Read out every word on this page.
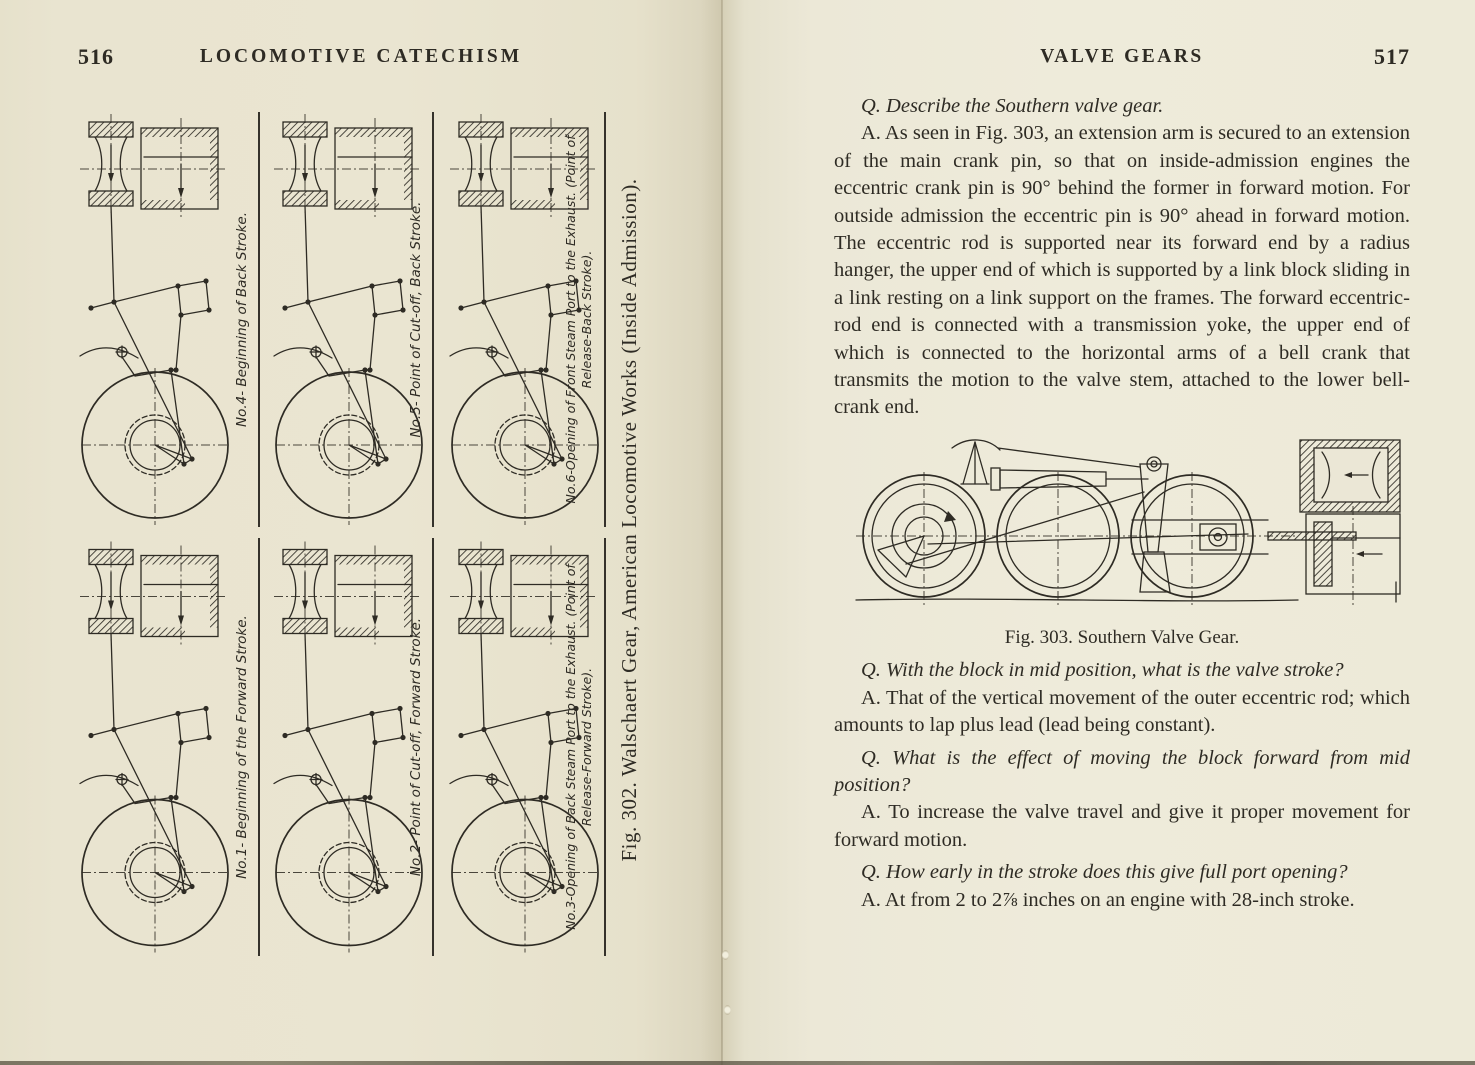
516	LOCOMOTIVE CATECHISM
No.4- Beginning of Back Stroke.	No.5- Point of Cut-off, Back Stroke.	No.6-Opening of Front Steam Port to the Exhaust. (Point of Release-Back Stroke).
No.1- Beginning of the Forward Stroke.	No.2- Point of Cut-off, Forward Stroke.	No.3-Opening of Back Steam Port to the Exhaust. (Point of Release-Forward Stroke). Fig. 302. Walschaert Gear, American Locomotive Works (Inside Admission).
VALVE GEARS	517

Q. Describe the Southern valve gear.

A. As seen in Fig. 303, an extension arm is secured to an extension of the main crank pin, so that on inside-admission engines the eccentric crank pin is 90° behind the former in forward motion. For outside admission the eccentric pin is 90° ahead in forward motion. The eccentric rod is supported near its forward end by a radius hanger, the upper end of which is supported by a link block sliding in a link resting on a link support on the frames. The forward eccentric-rod end is connected with a transmission yoke, the upper end of which is connected to the horizontal arms of a bell crank that transmits the motion to the valve stem, attached to the lower bell-crank end.

Fig. 303. Southern Valve Gear.

Q. With the block in mid position, what is the valve stroke?

A. That of the vertical movement of the outer eccentric rod; which amounts to lap plus lead (lead being constant).

Q. What is the effect of moving the block forward from mid position?

A. To increase the valve travel and give it proper movement for forward motion.

Q. How early in the stroke does this give full port opening?

A. At from 2 to 2⅞ inches on an engine with 28-inch stroke.
